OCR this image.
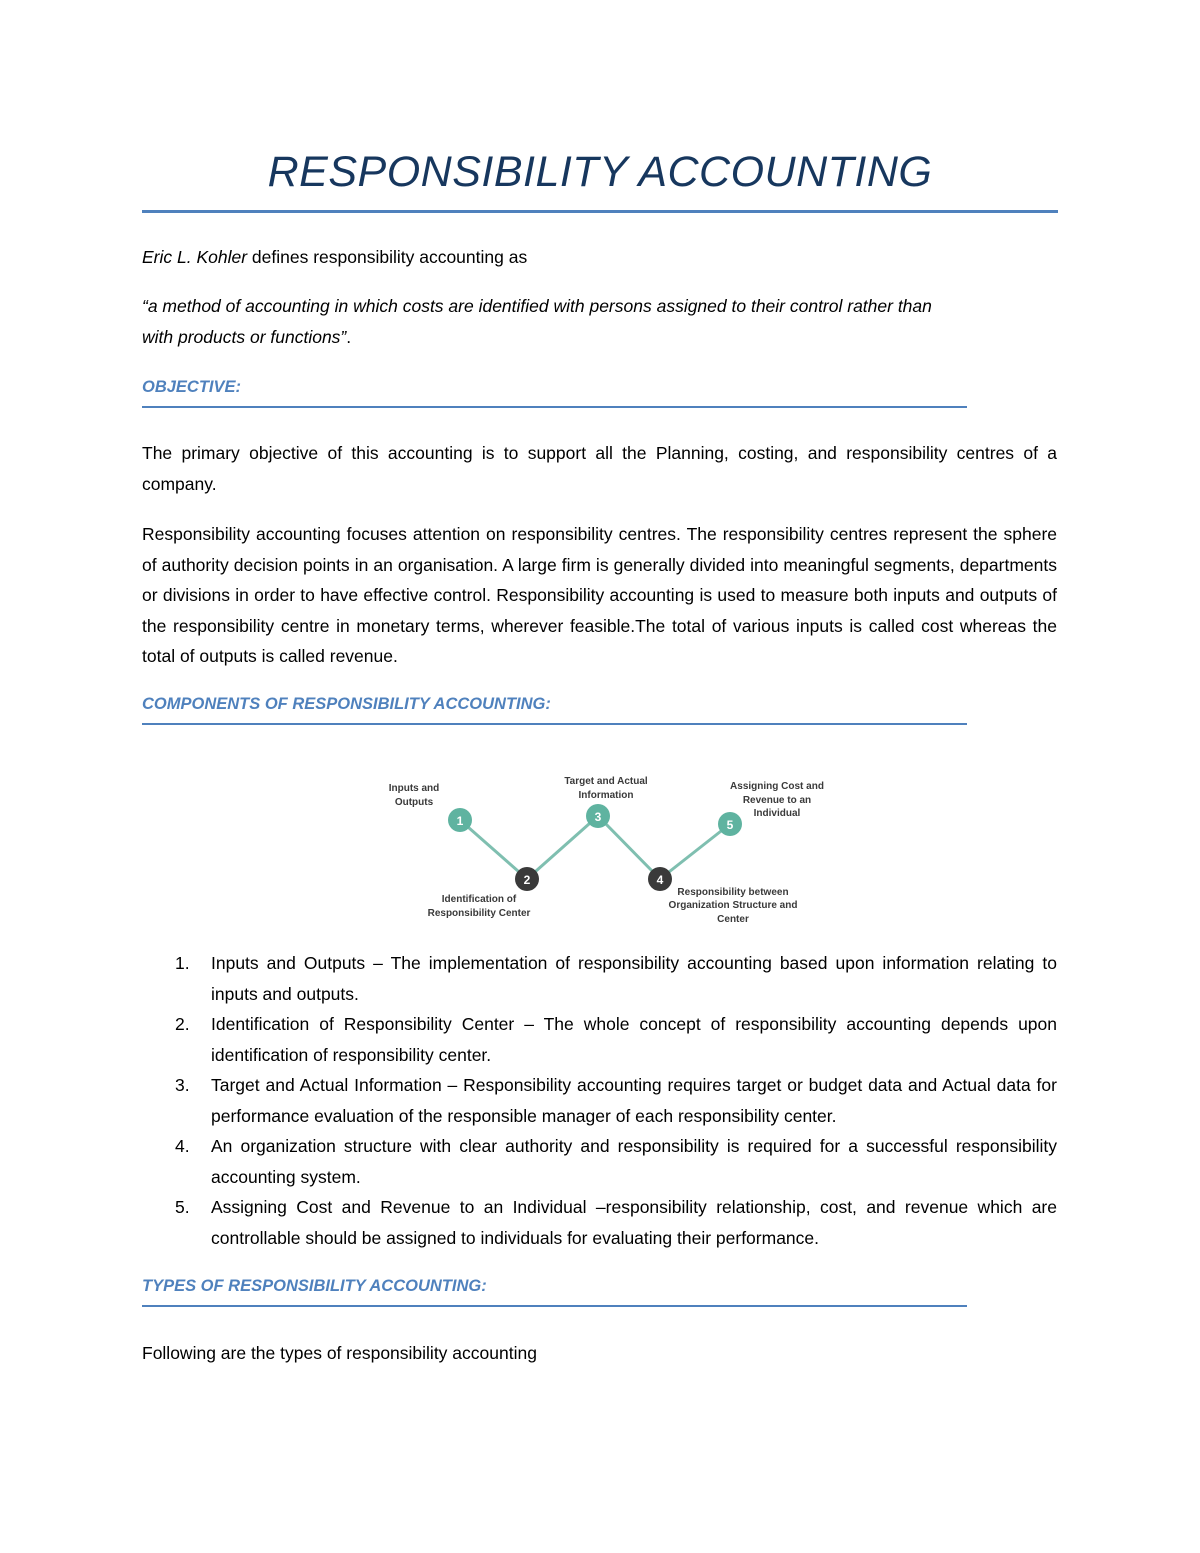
RESPONSIBILITY ACCOUNTING
Eric L. Kohler defines responsibility accounting as
“a method of accounting in which costs are identified with persons assigned to their control rather than
with products or functions”.
OBJECTIVE:
The primary objective of this accounting is to support all the Planning, costing, and responsibility centres of a company.
Responsibility accounting focuses attention on responsibility centres. The responsibility centres represent the sphere of authority decision points in an organisation. A large firm is generally divided into meaningful segments, departments or divisions in order to have effective control. Responsibility accounting is used to measure both inputs and outputs of the responsibility centre in monetary terms, wherever feasible.The total of various inputs is called cost whereas the total of outputs is called revenue.
COMPONENTS OF RESPONSIBILITY ACCOUNTING:
1
Inputs and
Outputs
2
Identification of
Responsibility Center
3
Target and Actual
Information
4
Responsibility between
Organization Structure and
Center
5
Assigning Cost and
Revenue to an
Individual
1. Inputs and Outputs – The implementation of responsibility accounting based upon information relating to inputs and outputs.
2. Identification of Responsibility Center – The whole concept of responsibility accounting depends upon identification of responsibility center.
3. Target and Actual Information – Responsibility accounting requires target or budget data and Actual data for performance evaluation of the responsible manager of each responsibility center.
4. An organization structure with clear authority and responsibility is required for a successful responsibility accounting system.
5. Assigning Cost and Revenue to an Individual –responsibility relationship, cost, and revenue which are controllable should be assigned to individuals for evaluating their performance.
TYPES OF RESPONSIBILITY ACCOUNTING:
Following are the types of responsibility accounting
